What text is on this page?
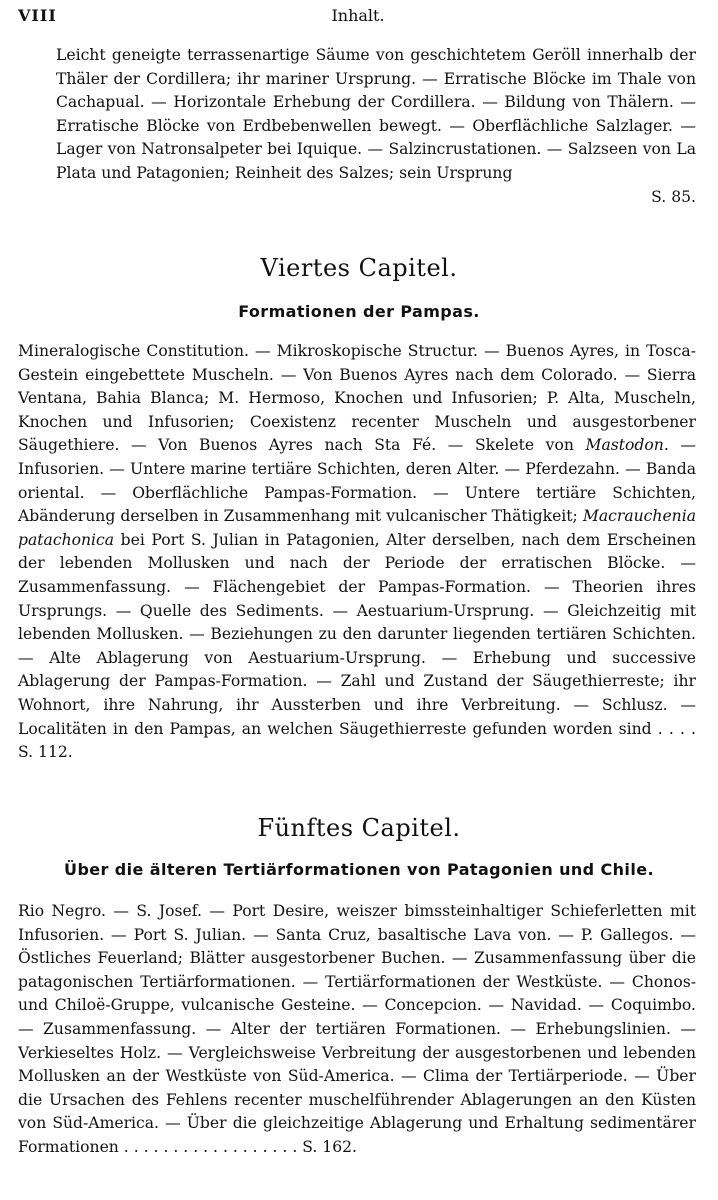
VIII	Inhalt.
Leicht geneigte terrassenartige Säume von geschichtetem Geröll innerhalb der Thäler der Cordillera; ihr mariner Ursprung. — Erratische Blöcke im Thale von Cachapual. — Horizontale Erhebung der Cordillera. — Bildung von Thälern. — Erratische Blöcke von Erdbebenwellen bewegt. — Oberflächliche Salzlager. — Lager von Natronsalpeter bei Iquique. — Salzincrustationen. — Salzseen von La Plata und Patagonien; Reinheit des Salzes; sein Ursprung
S. 85.
Viertes Capitel.
Formationen der Pampas.
Mineralogische Constitution. — Mikroskopische Structur. — Buenos Ayres, in Tosca-Gestein eingebettete Muscheln. — Von Buenos Ayres nach dem Colorado. — Sierra Ventana, Bahia Blanca; M. Hermoso, Knochen und Infusorien; P. Alta, Muscheln, Knochen und Infusorien; Coexistenz recenter Muscheln und ausgestorbener Säugethiere. — Von Buenos Ayres nach Sta Fé. — Skelete von Mastodon. — Infusorien. — Untere marine tertiäre Schichten, deren Alter. — Pferdezahn. — Banda oriental. — Oberflächliche Pampas-Formation. — Untere tertiäre Schichten, Abänderung derselben in Zusammenhang mit vulcanischer Thätigkeit; Macrauchenia patachonica bei Port S. Julian in Patagonien, Alter derselben, nach dem Erscheinen der lebenden Mollusken und nach der Periode der erratischen Blöcke. — Zusammenfassung. — Flächengebiet der Pampas-Formation. — Theorien ihres Ursprungs. — Quelle des Sediments. — Aestuarium-Ursprung. — Gleichzeitig mit lebenden Mollusken. — Beziehungen zu den darunter liegenden tertiären Schichten. — Alte Ablagerung von Aestuarium-Ursprung. — Erhebung und successive Ablagerung der Pampas-Formation. — Zahl und Zustand der Säugethierreste; ihr Wohnort, ihre Nahrung, ihr Aussterben und ihre Verbreitung. — Schlusz. — Localitäten in den Pampas, an welchen Säugethierreste gefunden worden sind . . . . S. 112.
Fünftes Capitel.
Über die älteren Tertiärformationen von Patagonien und Chile.
Rio Negro. — S. Josef. — Port Desire, weiszer bimssteinhaltiger Schieferletten mit Infusorien. — Port S. Julian. — Santa Cruz, basaltische Lava von. — P. Gallegos. — Östliches Feuerland; Blätter ausgestorbener Buchen. — Zusammenfassung über die patagonischen Tertiärformationen. — Tertiärformationen der Westküste. — Chonos- und Chiloë-Gruppe, vulcanische Gesteine. — Concepcion. — Navidad. — Coquimbo. — Zusammenfassung. — Alter der tertiären Formationen. — Erhebungslinien. — Verkieseltes Holz. — Vergleichsweise Verbreitung der ausgestorbenen und lebenden Mollusken an der Westküste von Süd-America. — Clima der Tertiärperiode. — Über die Ursachen des Fehlens recenter muschelführender Ablagerungen an den Küsten von Süd-America. — Über die gleichzeitige Ablagerung und Erhaltung sedimentärer Formationen . . . . . . . . . . . . . . . . . . S. 162.
